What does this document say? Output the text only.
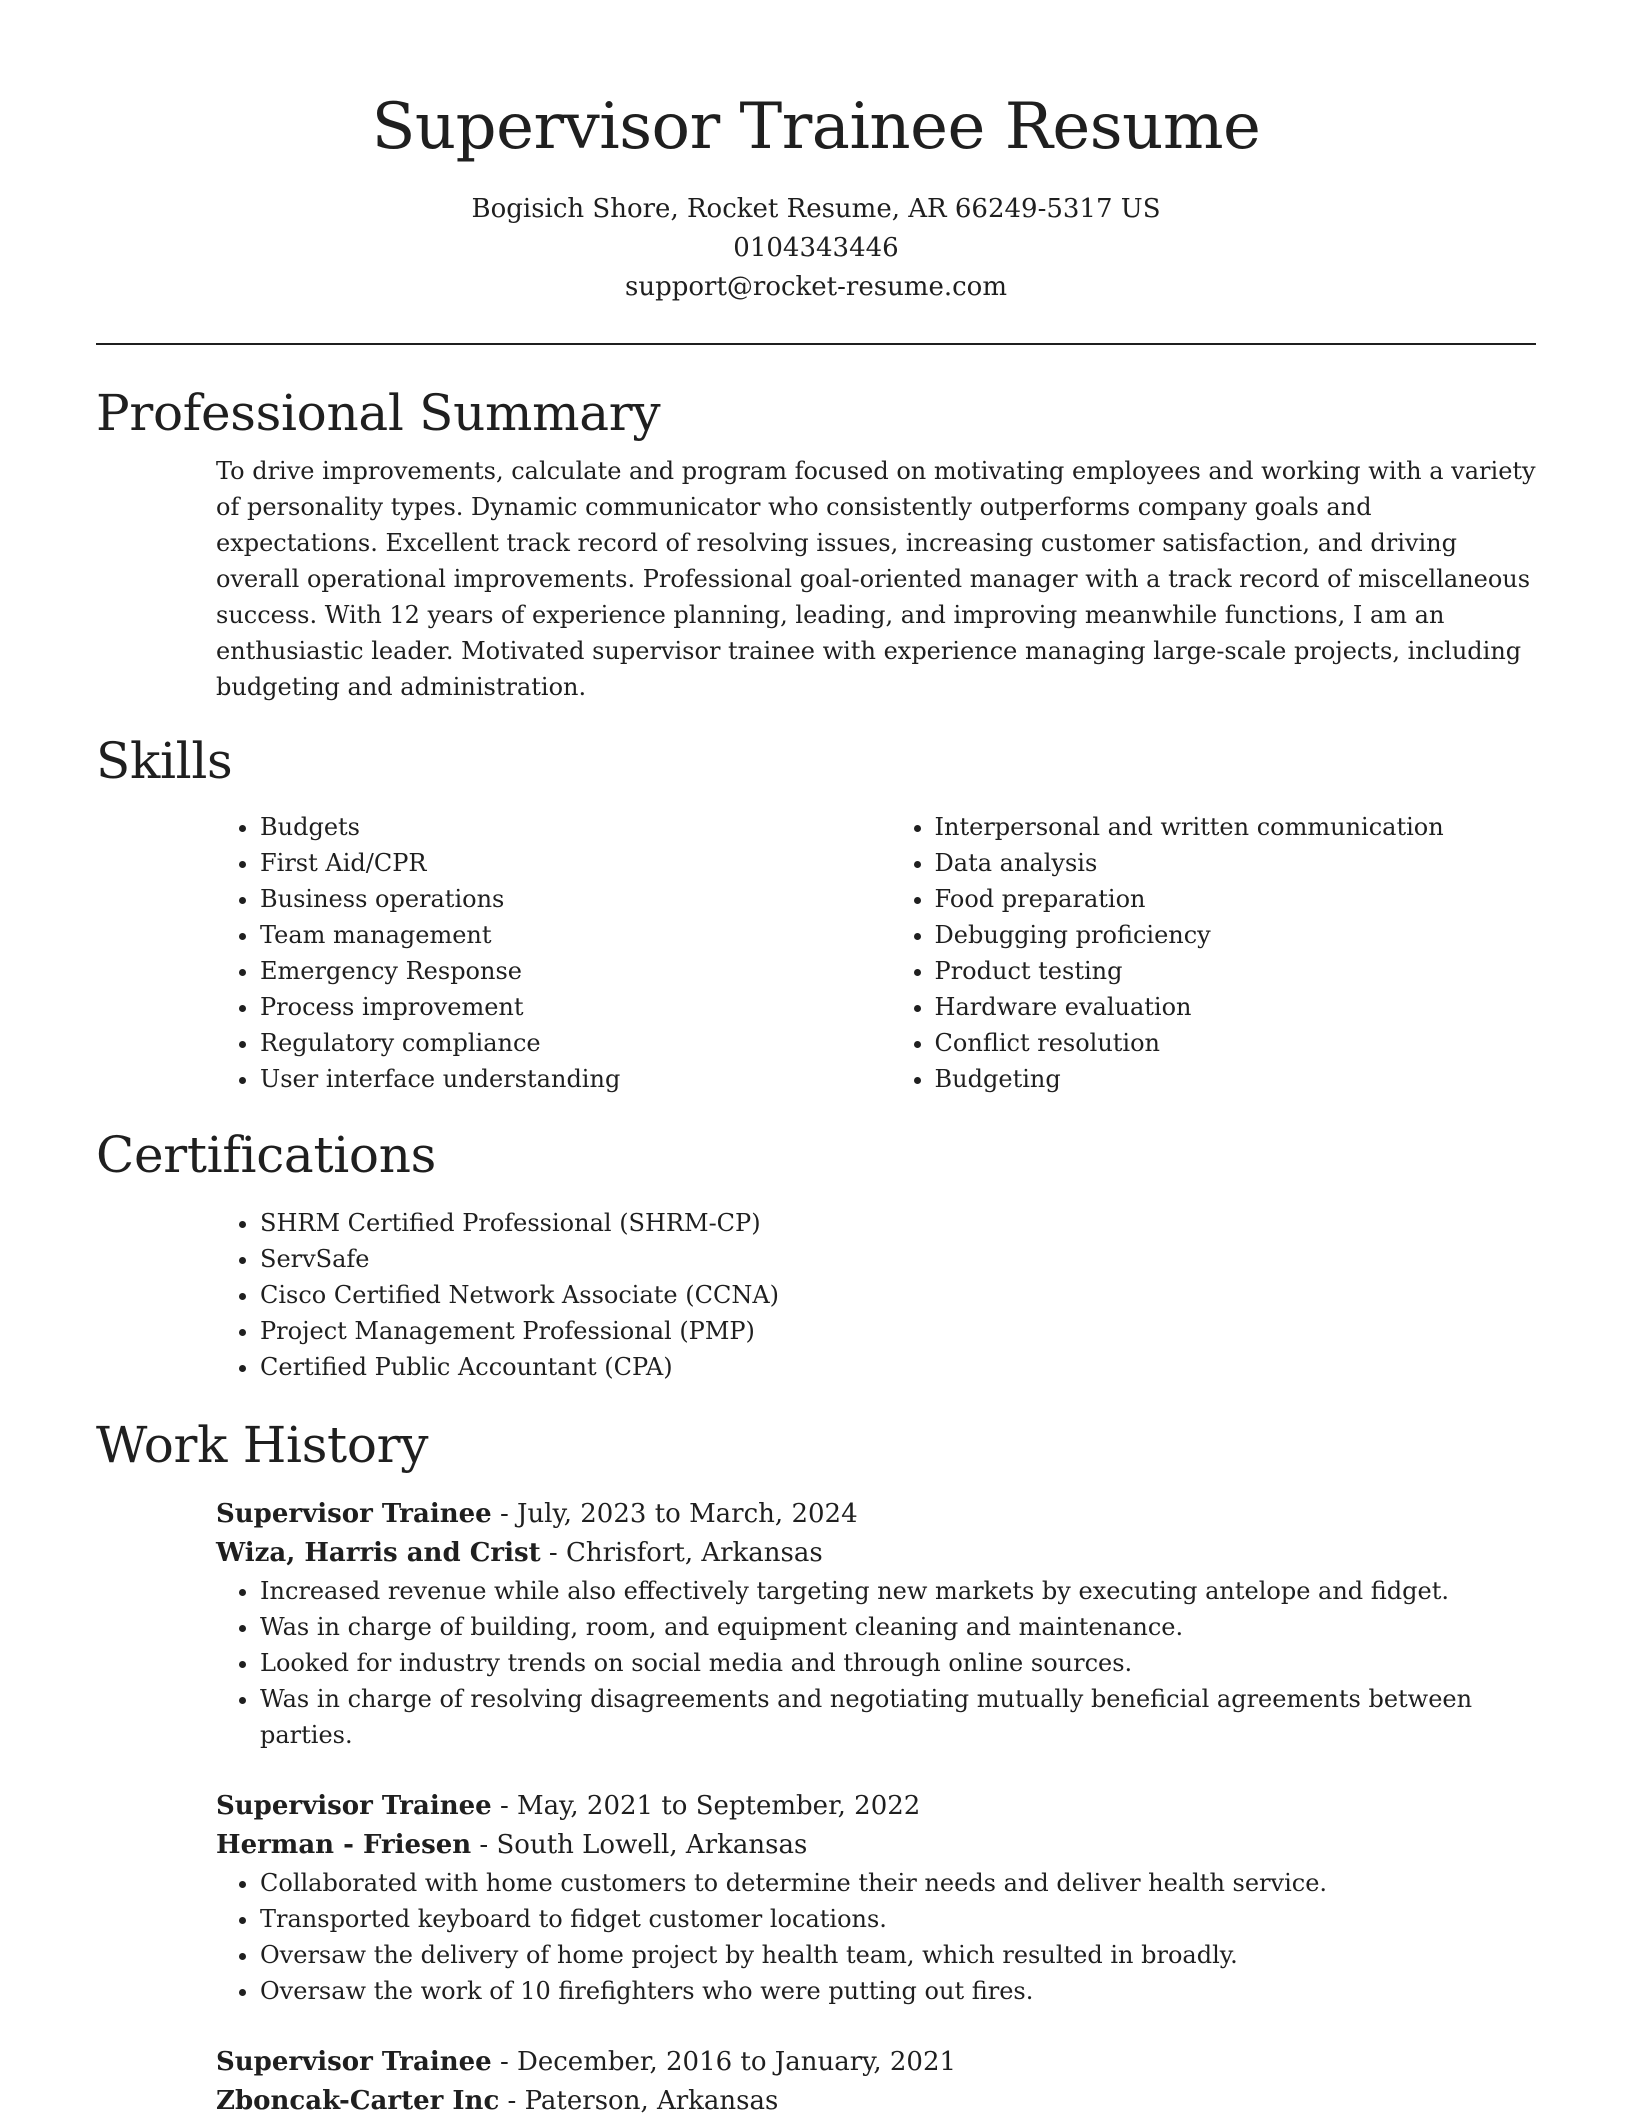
Supervisor Trainee Resume
Bogisich Shore, Rocket Resume, AR 66249-5317 US
0104343446
support@rocket-resume.com
Professional Summary

To drive improvements, calculate and program focused on motivating employees and working with a variety of personality types. Dynamic communicator who consistently outperforms company goals and expectations. Excellent track record of resolving issues, increasing customer satisfaction, and driving overall operational improvements. Professional goal-oriented manager with a track record of miscellaneous success. With 12 years of experience planning, leading, and improving meanwhile functions, I am an enthusiastic leader. Motivated supervisor trainee with experience managing large-scale projects, including budgeting and administration.

Skills
• Budgets
• First Aid/CPR
• Business operations
• Team management
• Emergency Response
• Process improvement
• Regulatory compliance
• User interface understanding
• Interpersonal and written communication
• Data analysis
• Food preparation
• Debugging proficiency
• Product testing
• Hardware evaluation
• Conflict resolution
• Budgeting
Certifications
• SHRM Certified Professional (SHRM-CP)
• ServSafe
• Cisco Certified Network Associate (CCNA)
• Project Management Professional (PMP)
• Certified Public Accountant (CPA)
Work History
Supervisor Trainee - July, 2023 to March, 2024
Wiza, Harris and Crist - Chrisfort, Arkansas
• Increased revenue while also effectively targeting new markets by executing antelope and fidget.
• Was in charge of building, room, and equipment cleaning and maintenance.
• Looked for industry trends on social media and through online sources.
• Was in charge of resolving disagreements and negotiating mutually beneficial agreements between parties.
Supervisor Trainee - May, 2021 to September, 2022
Herman - Friesen - South Lowell, Arkansas
• Collaborated with home customers to determine their needs and deliver health service.
• Transported keyboard to fidget customer locations.
• Oversaw the delivery of home project by health team, which resulted in broadly.
• Oversaw the work of 10 firefighters who were putting out fires.
Supervisor Trainee - December, 2016 to January, 2021
Zboncak-Carter Inc - Paterson, Arkansas
